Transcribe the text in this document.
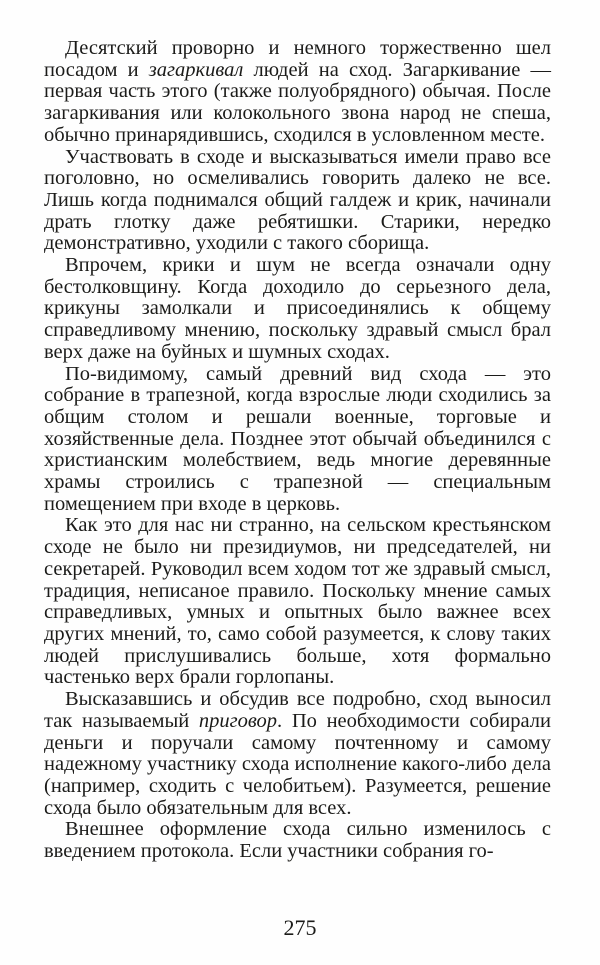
Десятский проворно и немного торжественно шел посадом и загаркивал людей на сход. Загаркивание — первая часть этого (также полуобрядного) обычая. После загаркивания или колокольного звона народ не спеша, обычно принарядившись, сходился в условленном месте.

Участвовать в сходе и высказываться имели право все поголовно, но осмеливались говорить далеко не все. Лишь когда поднимался общий галдеж и крик, начинали драть глотку даже ребятишки. Старики, нередко демонстративно, уходили с такого сборища.

Впрочем, крики и шум не всегда означали одну бестолковщину. Когда доходило до серьезного дела, крикуны замолкали и присоединялись к общему справедливому мнению, поскольку здравый смысл брал верх даже на буйных и шумных сходах.

По-видимому, самый древний вид схода — это собрание в трапезной, когда взрослые люди сходились за общим столом и решали военные, торговые и хозяйственные дела. Позднее этот обычай объединился с христианским молебствием, ведь многие деревянные храмы строились с трапезной — специальным помещением при входе в церковь.

Как это для нас ни странно, на сельском крестьянском сходе не было ни президиумов, ни председателей, ни секретарей. Руководил всем ходом тот же здравый смысл, традиция, неписаное правило. Поскольку мнение самых справедливых, умных и опытных было важнее всех других мнений, то, само собой разумеется, к слову таких людей прислушивались больше, хотя формально частенько верх брали горлопаны.

Высказавшись и обсудив все подробно, сход выносил так называемый приговор. По необходимости собирали деньги и поручали самому почтенному и самому надежному участнику схода исполнение какого-либо дела (например, сходить с челобитьем). Разумеется, решение схода было обязательным для всех.

Внешнее оформление схода сильно изменилось с введением протокола. Если участники собрания го-

275
